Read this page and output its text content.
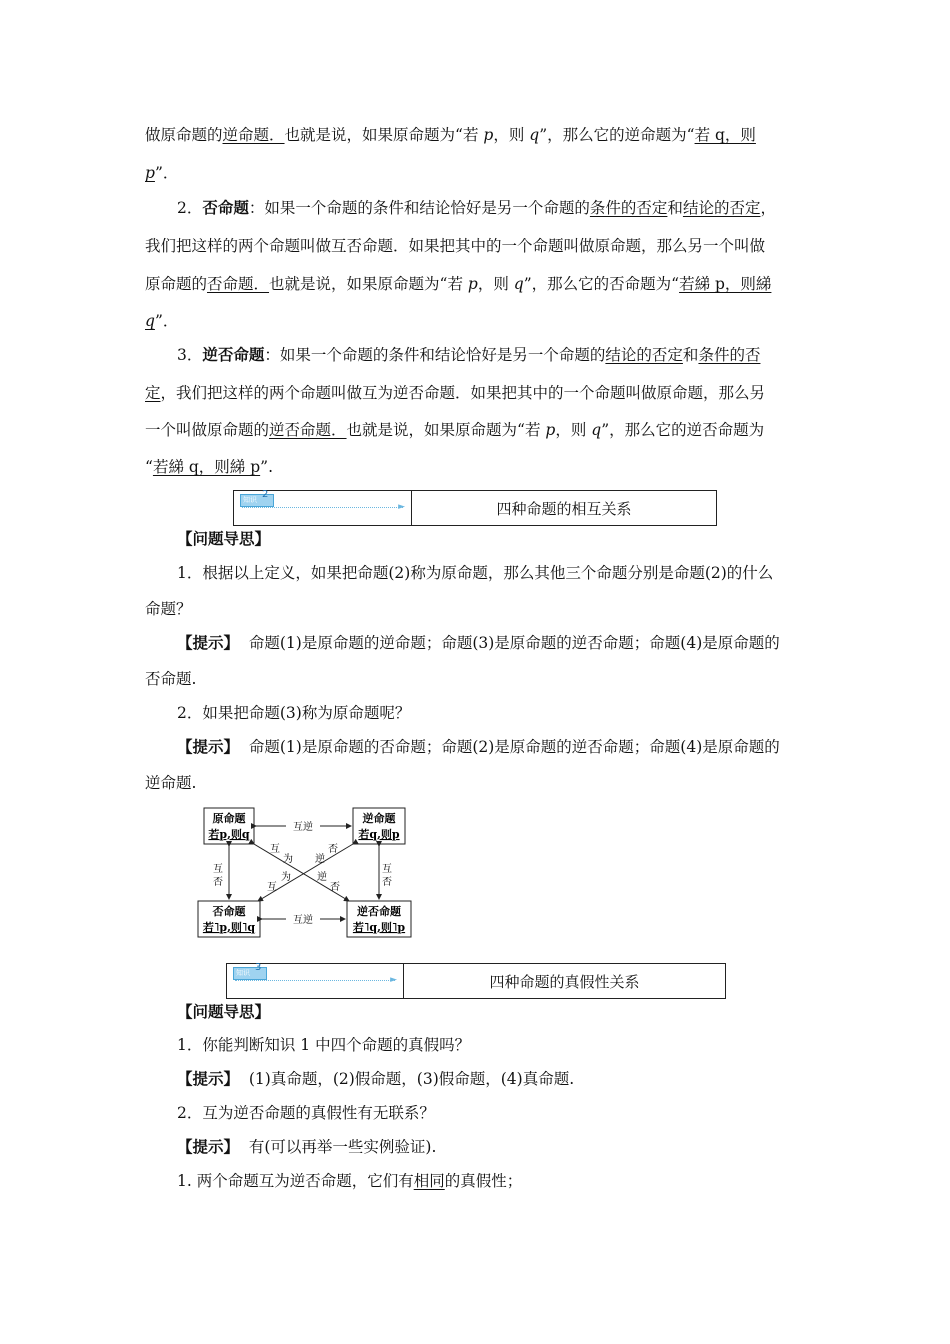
做原命题的逆命题．也就是说，如果原命题为“若 p，则 q”，那么它的逆命题为“若 q，则
p”．
2．否命题：如果一个命题的条件和结论恰好是另一个命题的条件的否定和结论的否定，
我们把这样的两个命题叫做互否命题．如果把其中的一个命题叫做原命题，那么另一个叫做
原命题的否命题．也就是说，如果原命题为“若 p，则 q”，那么它的否命题为“若綈 p，则綈
q”．
3．逆否命题：如果一个命题的条件和结论恰好是另一个命题的结论的否定和条件的否
定，我们把这样的两个命题叫做互为逆否命题．如果把其中的一个命题叫做原命题，那么另
一个叫做原命题的逆否命题．也就是说，如果原命题为“若 p，则 q”，那么它的逆否命题为
“若綈 q，则綈 p”.
知识 2
►	四种命题的相互关系
【问题导思】
1．根据以上定义，如果把命题(2)称为原命题，那么其他三个命题分别是命题(2)的什么
命题？
【提示】 命题(1)是原命题的逆命题；命题(3)是原命题的逆否命题；命题(4)是原命题的
否命题.
2．如果把命题(3)称为原命题呢？
【提示】 命题(1)是原命题的否命题；命题(2)是原命题的逆否命题；命题(4)是原命题的
逆命题.
原命题
若p,则q
逆命题
若q,则p
否命题
若˥p,则˥q
逆否命题
若˥q,则˥p
互逆
互逆
互
否
互
否
互
为
互
为
否
逆
逆
否
知识 3
►	四种命题的真假性关系
【问题导思】
1．你能判断知识 1 中四个命题的真假吗？
【提示】 (1)真命题，(2)假命题，(3)假命题，(4)真命题.
2．互为逆否命题的真假性有无联系？
【提示】 有(可以再举一些实例验证).
1. 两个命题互为逆否命题，它们有相同的真假性；
